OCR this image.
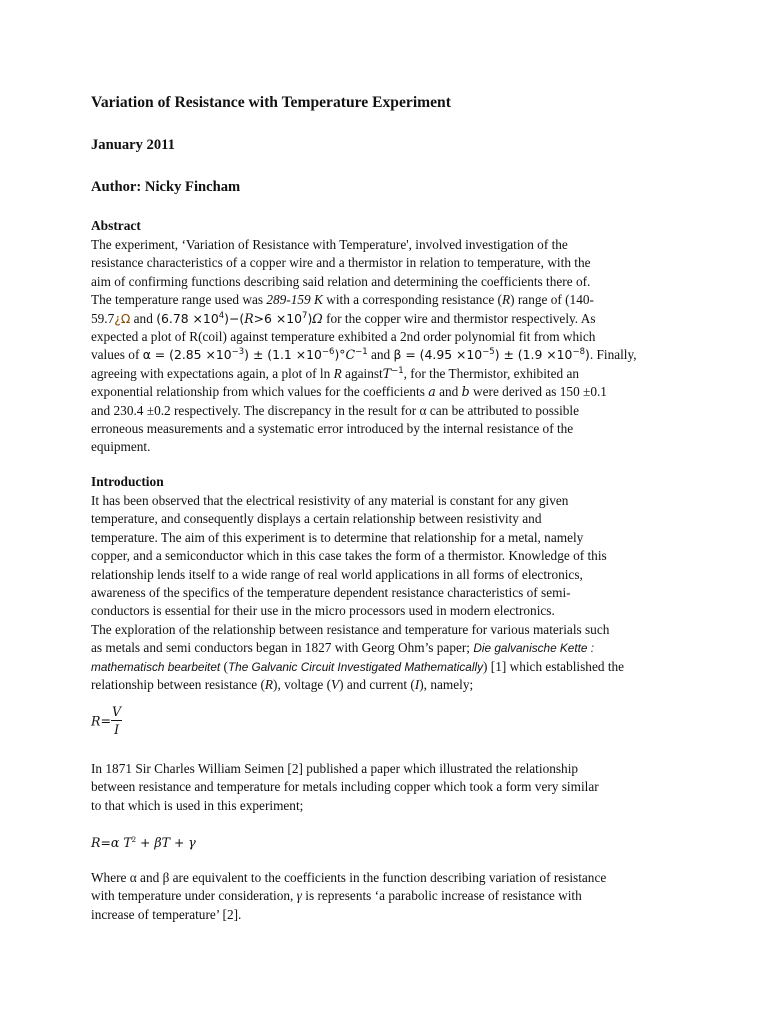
Variation of Resistance with Temperature Experiment
January 2011
Author: Nicky Fincham
Abstract
The experiment, ‘Variation of Resistance with Temperature', involved investigation of the
resistance characteristics of a copper wire and a thermistor in relation to temperature, with the
aim of confirming functions describing said relation and determining the coefficients there of.
The temperature range used was 289-159 K with a corresponding resistance (R) range of (140-
59.7¿Ω and $(6.78 \times 10^4)-(R>6 \times 10^7)\Omega$ for the copper wire and thermistor respectively. As
expected a plot of R(coil) against temperature exhibited a 2nd order polynomial fit from which
values of $\alpha = (2.85 \times 10^{-3}) \pm (1.1 \times 10^{-6})^\circ C^{-1}$ and $\beta = (4.95 \times 10^{-5}) \pm (1.9 \times 10^{-8})$. Finally,
agreeing with expectations again, a plot of ln R againstT$^{-1}$, for the Thermistor, exhibited an
exponential relationship from which values for the coefficients a and b were derived as 150 ±0.1
and 230.4 ±0.2 respectively. The discrepancy in the result for α can be attributed to possible
erroneous measurements and a systematic error introduced by the internal resistance of the
equipment.
Introduction
It has been observed that the electrical resistivity of any material is constant for any given
temperature, and consequently displays a certain relationship between resistivity and
temperature. The aim of this experiment is to determine that relationship for a metal, namely
copper, and a semiconductor which in this case takes the form of a thermistor. Knowledge of this
relationship lends itself to a wide range of real world applications in all forms of electronics,
awareness of the specifics of the temperature dependent resistance characteristics of semi-
conductors is essential for their use in the micro processors used in modern electronics.
The exploration of the relationship between resistance and temperature for various materials such
as metals and semi conductors began in 1827 with Georg Ohm’s paper; Die galvanische Kette :
mathematisch bearbeitet (The Galvanic Circuit Investigated Mathematically) [1] which established the
relationship between resistance (R), voltage (V) and current (I), namely;
$R= \frac{V}{I}$
In 1871 Sir Charles William Seimen [2] published a paper which illustrated the relationship
between resistance and temperature for metals including copper which took a form very similar
to that which is used in this experiment;
R=α $T^2 + \beta T + \gamma$
Where α and β are equivalent to the coefficients in the function describing variation of resistance
with temperature under consideration, γ is represents ‘a parabolic increase of resistance with
increase of temperature’ [2].
